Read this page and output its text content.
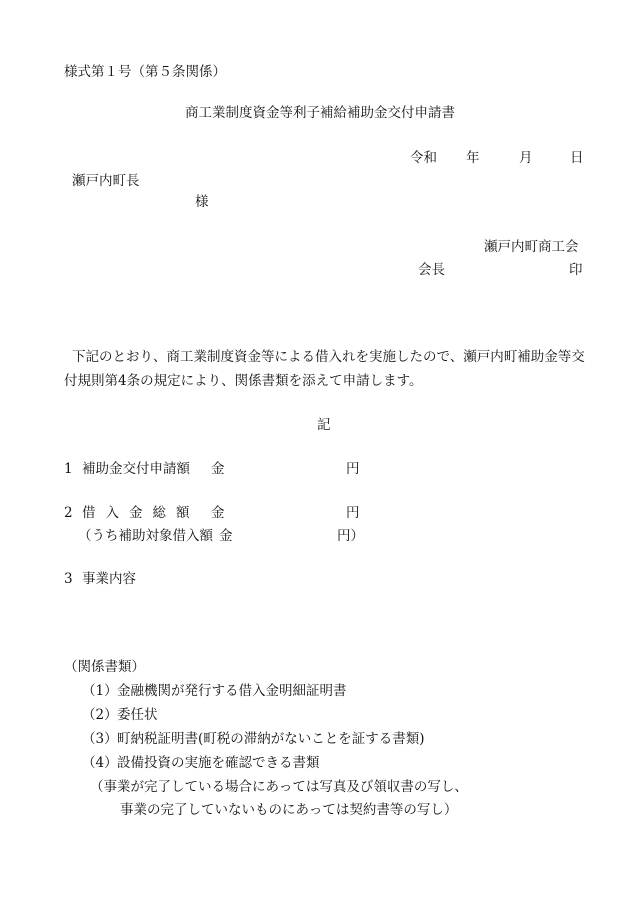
様式第１号（第５条関係）
商工業制度資金等利子補給補助金交付申請書
令和 年	月	日
瀬戸内町長
様
瀬戸内町商工会
会長	印
下記のとおり、商工業制度資金等による借入れを実施したので、瀬戸内町補助金等交
付規則第4条の規定により、関係書類を添えて申請します。
記
1 補助金交付申請額 金	円
2 借入金総額 金	円
（うち補助対象借入額 金	円）
3 事業内容
（関係書類）
（1） 金融機関が発行する借入金明細証明書
（2） 委任状
（3） 町納税証明書(町税の滞納がないことを証する書類)
（4） 設備投資の実施を確認できる書類
（事業が完了している場合にあっては写真及び領収書の写し、
事業の完了していないものにあっては契約書等の写し）
